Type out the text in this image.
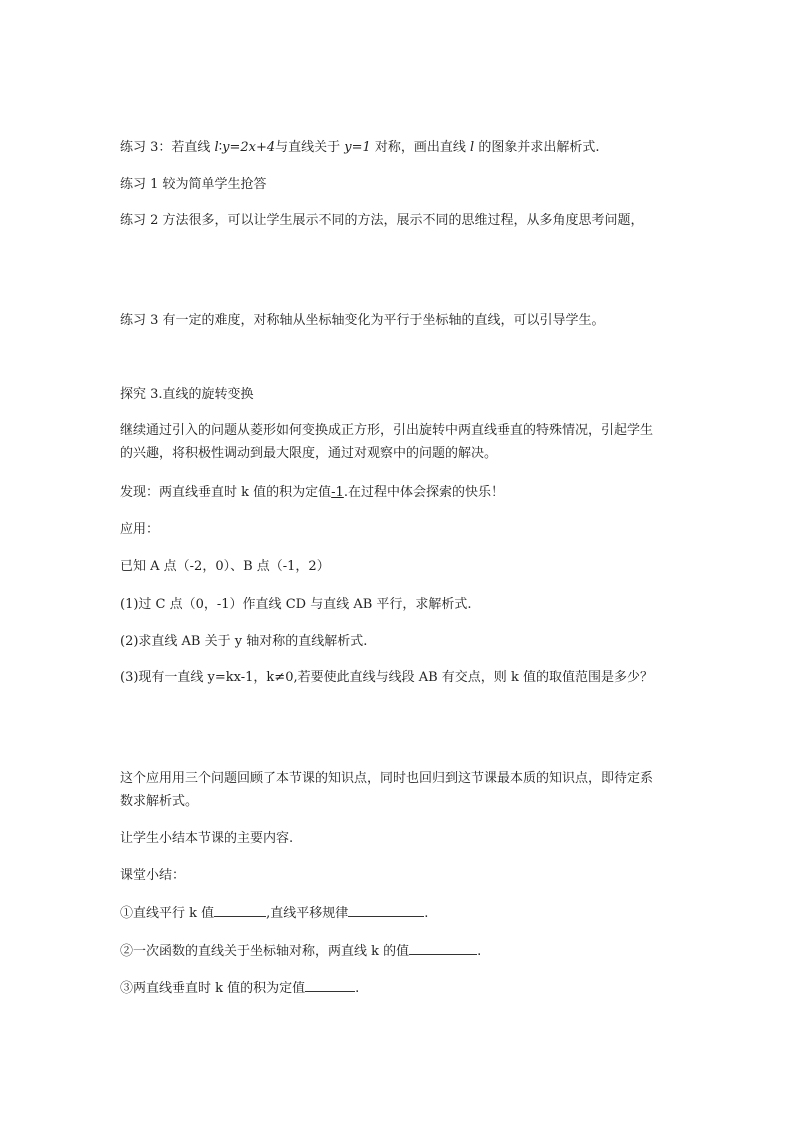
练习 3：若直线 l∶y=2x+4与直线关于 y=1 对称，画出直线 l 的图象并求出解析式.
练习 1 较为简单学生抢答
练习 2 方法很多，可以让学生展示不同的方法，展示不同的思维过程，从多角度思考问题，
练习 3 有一定的难度，对称轴从坐标轴变化为平行于坐标轴的直线，可以引导学生。
探究 3.直线的旋转变换
继续通过引入的问题从菱形如何变换成正方形，引出旋转中两直线垂直的特殊情况，引起学生的兴趣，将积极性调动到最大限度，通过对观察中的问题的解决。
发现：两直线垂直时 k 值的积为定值-1.在过程中体会探索的快乐！
应用：
已知 A 点（-2，0）、B 点（-1，2）
(1)过 C 点（0，-1）作直线 CD 与直线 AB 平行，求解析式.
(2)求直线 AB 关于 y 轴对称的直线解析式.
(3)现有一直线 y=kx-1，k≠0,若要使此直线与线段 AB 有交点，则 k 值的取值范围是多少？
这个应用用三个问题回顾了本节课的知识点，同时也回归到这节课最本质的知识点，即待定系数求解析式。
让学生小结本节课的主要内容.
课堂小结：
①直线平行 k 值	,直线平移规律	.
②一次函数的直线关于坐标轴对称，两直线 k 的值	.
③两直线垂直时 k 值的积为定值	.
